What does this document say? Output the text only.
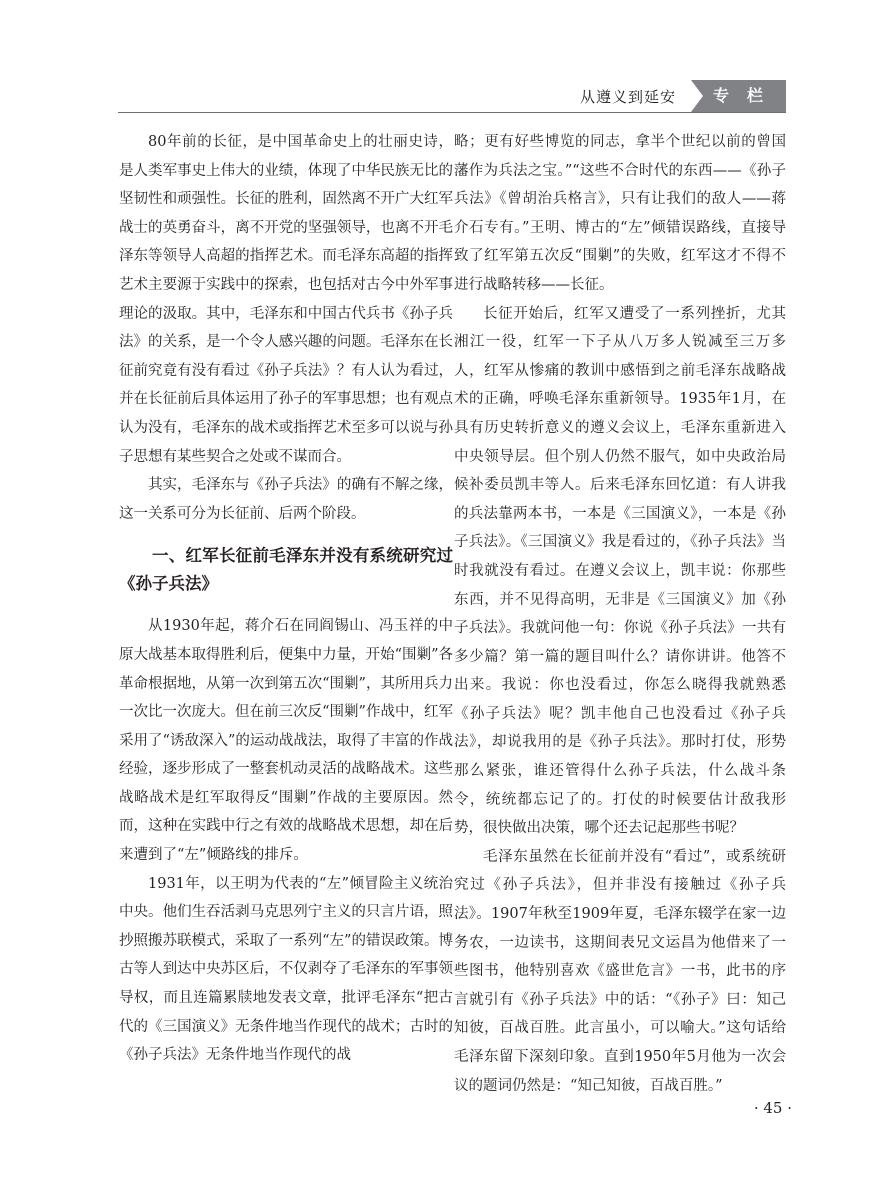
从遵义到延安 专栏

80年前的长征，是中国革命史上的壮丽史诗，是人类军事史上伟大的业绩，体现了中华民族无比的坚韧性和顽强性。长征的胜利，固然离不开广大红军战士的英勇奋斗，离不开党的坚强领导，也离不开毛泽东等领导人高超的指挥艺术。而毛泽东高超的指挥艺术主要源于实践中的探索，也包括对古今中外军事理论的汲取。其中，毛泽东和中国古代兵书《孙子兵法》的关系，是一个令人感兴趣的问题。毛泽东在长征前究竟有没有看过《孙子兵法》？有人认为看过，并在长征前后具体运用了孙子的军事思想；也有观点认为没有，毛泽东的战术或指挥艺术至多可以说与孙子思想有某些契合之处或不谋而合。

其实，毛泽东与《孙子兵法》的确有不解之缘，这一关系可分为长征前、后两个阶段。

一、红军长征前毛泽东并没有系统研究过《孙子兵法》

从1930年起，蒋介石在同阎锡山、冯玉祥的中原大战基本取得胜利后，便集中力量，开始“围剿”各革命根据地，从第一次到第五次“围剿”，其所用兵力一次比一次庞大。但在前三次反“围剿”作战中，红军采用了“诱敌深入”的运动战战法，取得了丰富的作战经验，逐步形成了一整套机动灵活的战略战术。这些战略战术是红军取得反“围剿”作战的主要原因。然而，这种在实践中行之有效的战略战术思想，却在后来遭到了“左”倾路线的排斥。

1931年，以王明为代表的“左”倾冒险主义统治中央。他们生吞活剥马克思列宁主义的只言片语，照抄照搬苏联模式，采取了一系列“左”的错误政策。博古等人到达中央苏区后，不仅剥夺了毛泽东的军事领导权，而且连篇累牍地发表文章，批评毛泽东“把古代的《三国演义》无条件地当作现代的战术；古时的《孙子兵法》无条件地当作现代的战

略；更有好些博览的同志，拿半个世纪以前的曾国藩作为兵法之宝。”“这些不合时代的东西——《孙子兵法》《曾胡治兵格言》，只有让我们的敌人——蒋介石专有。”王明、博古的“左”倾错误路线，直接导致了红军第五次反“围剿”的失败，红军这才不得不进行战略转移——长征。

长征开始后，红军又遭受了一系列挫折，尤其湘江一役，红军一下子从八万多人锐减至三万多人，红军从惨痛的教训中感悟到之前毛泽东战略战术的正确，呼唤毛泽东重新领导。1935年1月，在具有历史转折意义的遵义会议上，毛泽东重新进入中央领导层。但个别人仍然不服气，如中央政治局候补委员凯丰等人。后来毛泽东回忆道：有人讲我的兵法靠两本书，一本是《三国演义》，一本是《孙子兵法》。《三国演义》我是看过的，《孙子兵法》当时我就没有看过。在遵义会议上，凯丰说：你那些东西，并不见得高明，无非是《三国演义》加《孙子兵法》。我就问他一句：你说《孙子兵法》一共有多少篇？第一篇的题目叫什么？请你讲讲。他答不出来。我说：你也没看过，你怎么晓得我就熟悉《孙子兵法》呢？凯丰他自己也没看过《孙子兵法》，却说我用的是《孙子兵法》。那时打仗，形势那么紧张，谁还管得什么孙子兵法，什么战斗条令，统统都忘记了的。打仗的时候要估计敌我形势，很快做出决策，哪个还去记起那些书呢？

毛泽东虽然在长征前并没有“看过”，或系统研究过《孙子兵法》，但并非没有接触过《孙子兵法》。1907年秋至1909年夏，毛泽东辍学在家一边务农，一边读书，这期间表兄文运昌为他借来了一些图书，他特别喜欢《盛世危言》一书，此书的序言就引有《孙子兵法》中的话：“《孙子》曰：知己知彼，百战百胜。此言虽小，可以喻大。”这句话给毛泽东留下深刻印象。直到1950年5月他为一次会议的题词仍然是：“知己知彼，百战百胜。”

· 45 ·
